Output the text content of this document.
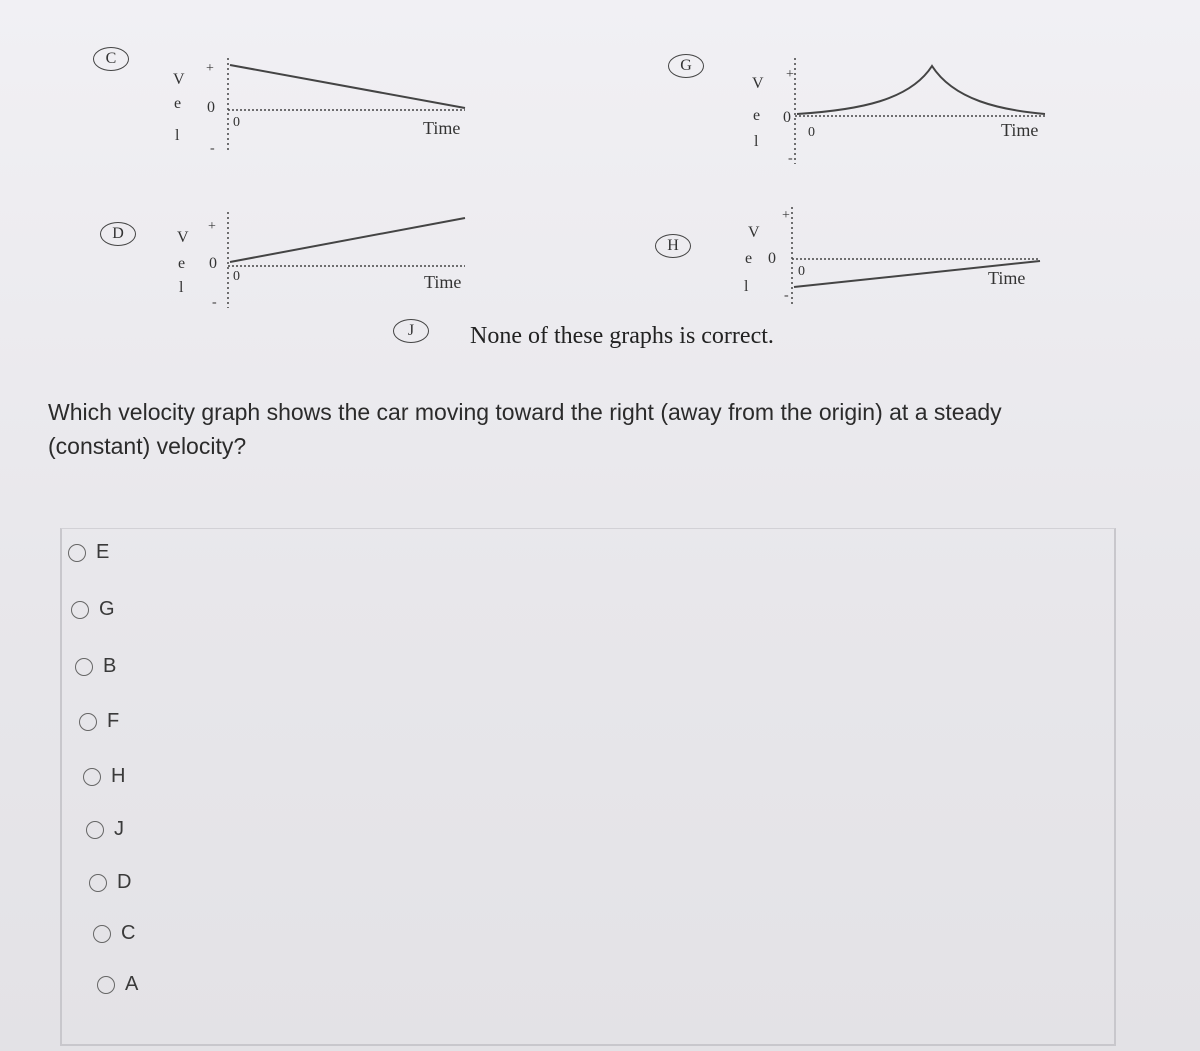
V
e
l
+
0
0
-
Time
C
V
e
l
+
0
0
-
Time
D
V
e
l
+
0
0
-
Time
G
V
e
l
+
0
0
-
Time
H
J	None of these graphs is correct.
Which velocity graph shows the car moving toward the right (away from the origin) at a steady (constant) velocity?
E
G
B
F
H
J
D
C
A
